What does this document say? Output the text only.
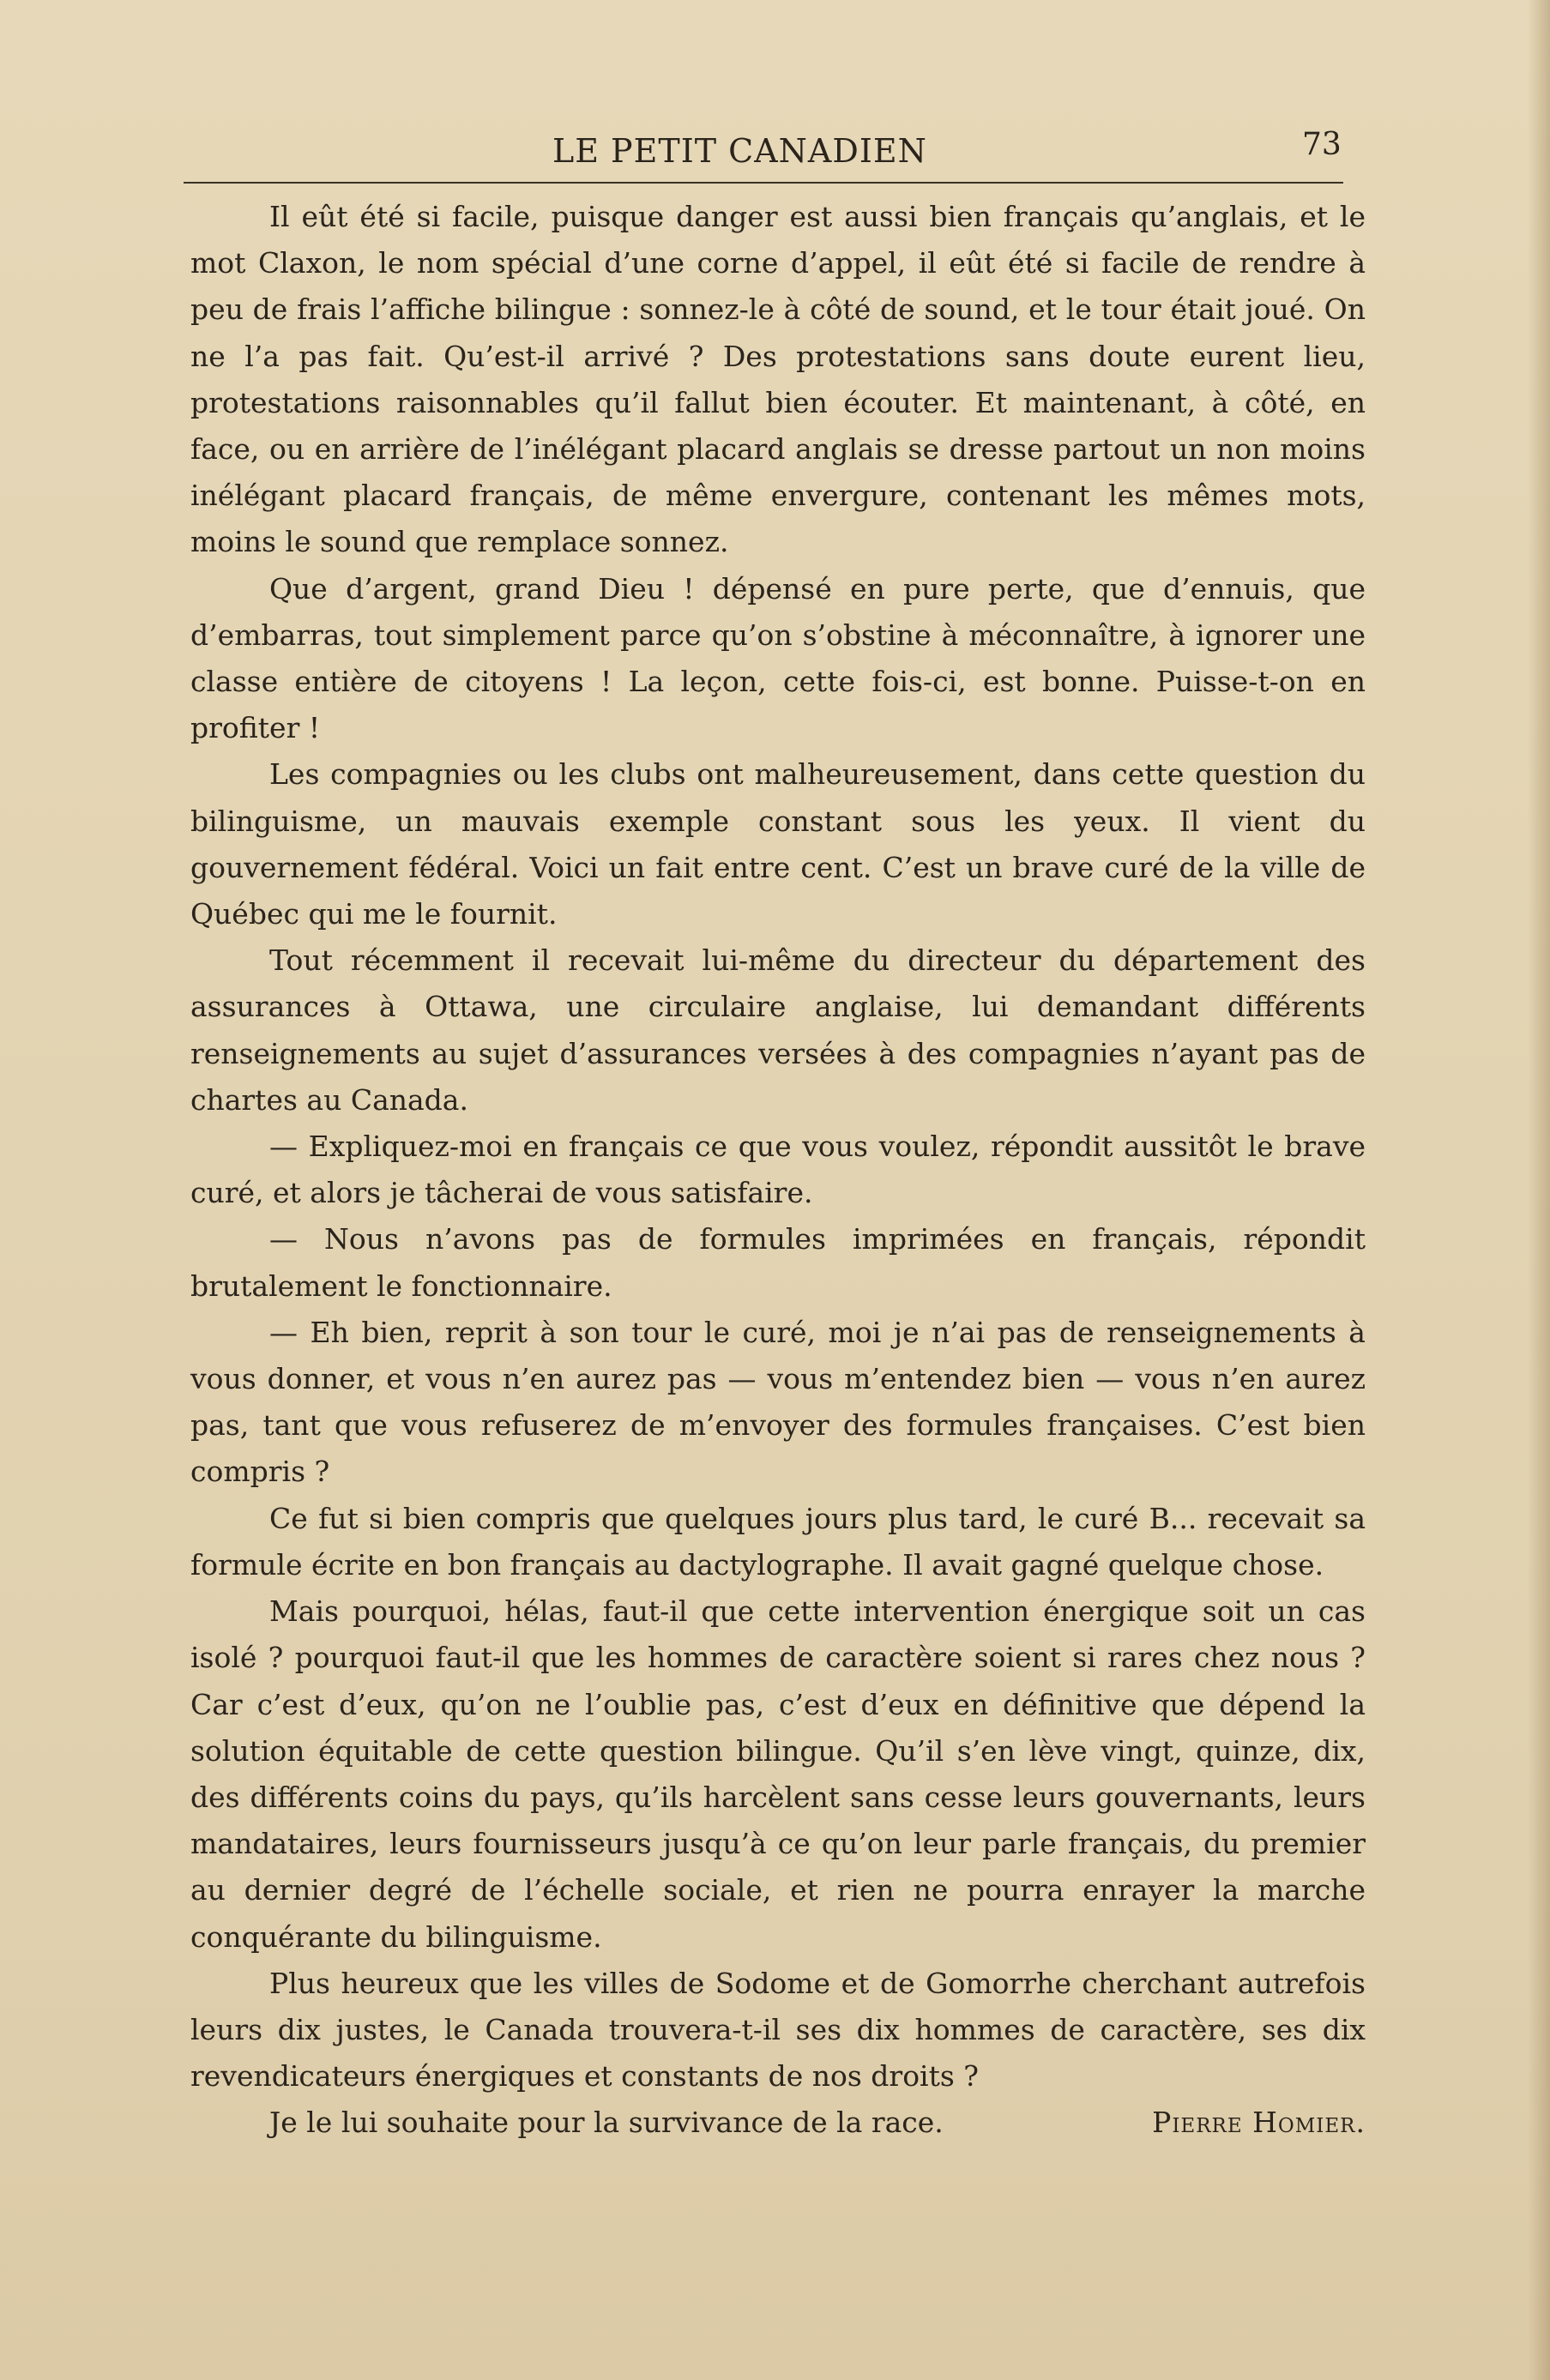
LE PETIT CANADIEN	73

Il eût été si facile, puisque danger est aussi bien français qu’anglais, et le mot Claxon, le nom spécial d’une corne d’appel, il eût été si facile de rendre à peu de frais l’affiche bilingue : sonnez-le à côté de sound, et le tour était joué. On ne l’a pas fait. Qu’est-il arrivé ? Des protestations sans doute eurent lieu, protestations raisonnables qu’il fallut bien écouter. Et maintenant, à côté, en face, ou en arrière de l’inélégant placard anglais se dresse partout un non moins inélégant placard français, de même envergure, contenant les mêmes mots, moins le sound que remplace sonnez.

Que d’argent, grand Dieu ! dépensé en pure perte, que d’ennuis, que d’embarras, tout simplement parce qu’on s’obstine à méconnaître, à ignorer une classe entière de citoyens ! La leçon, cette fois-ci, est bonne. Puisse-t-on en profiter !

Les compagnies ou les clubs ont malheureusement, dans cette question du bilinguisme, un mauvais exemple constant sous les yeux. Il vient du gouvernement fédéral. Voici un fait entre cent. C’est un brave curé de la ville de Québec qui me le fournit.

Tout récemment il recevait lui-même du directeur du département des assurances à Ottawa, une circulaire anglaise, lui demandant différents renseignements au sujet d’assurances versées à des compagnies n’ayant pas de chartes au Canada.

— Expliquez-moi en français ce que vous voulez, répondit aussitôt le brave curé, et alors je tâcherai de vous satisfaire.

— Nous n’avons pas de formules imprimées en français, répondit brutalement le fonctionnaire.

— Eh bien, reprit à son tour le curé, moi je n’ai pas de renseignements à vous donner, et vous n’en aurez pas — vous m’entendez bien — vous n’en aurez pas, tant que vous refuserez de m’envoyer des formules françaises. C’est bien compris ?

Ce fut si bien compris que quelques jours plus tard, le curé B... recevait sa formule écrite en bon français au dactylographe. Il avait gagné quelque chose.

Mais pourquoi, hélas, faut-il que cette intervention énergique soit un cas isolé ? pourquoi faut-il que les hommes de caractère soient si rares chez nous ? Car c’est d’eux, qu’on ne l’oublie pas, c’est d’eux en définitive que dépend la solution équitable de cette question bilingue. Qu’il s’en lève vingt, quinze, dix, des différents coins du pays, qu’ils harcèlent sans cesse leurs gouvernants, leurs mandataires, leurs fournisseurs jusqu’à ce qu’on leur parle français, du premier au dernier degré de l’échelle sociale, et rien ne pourra enrayer la marche conquérante du bilinguisme.

Plus heureux que les villes de Sodome et de Gomorrhe cherchant autrefois leurs dix justes, le Canada trouvera-t-il ses dix hommes de caractère, ses dix revendicateurs énergiques et constants de nos droits ?

Je le lui souhaite pour la survivance de la race.	Pierre Homier.
